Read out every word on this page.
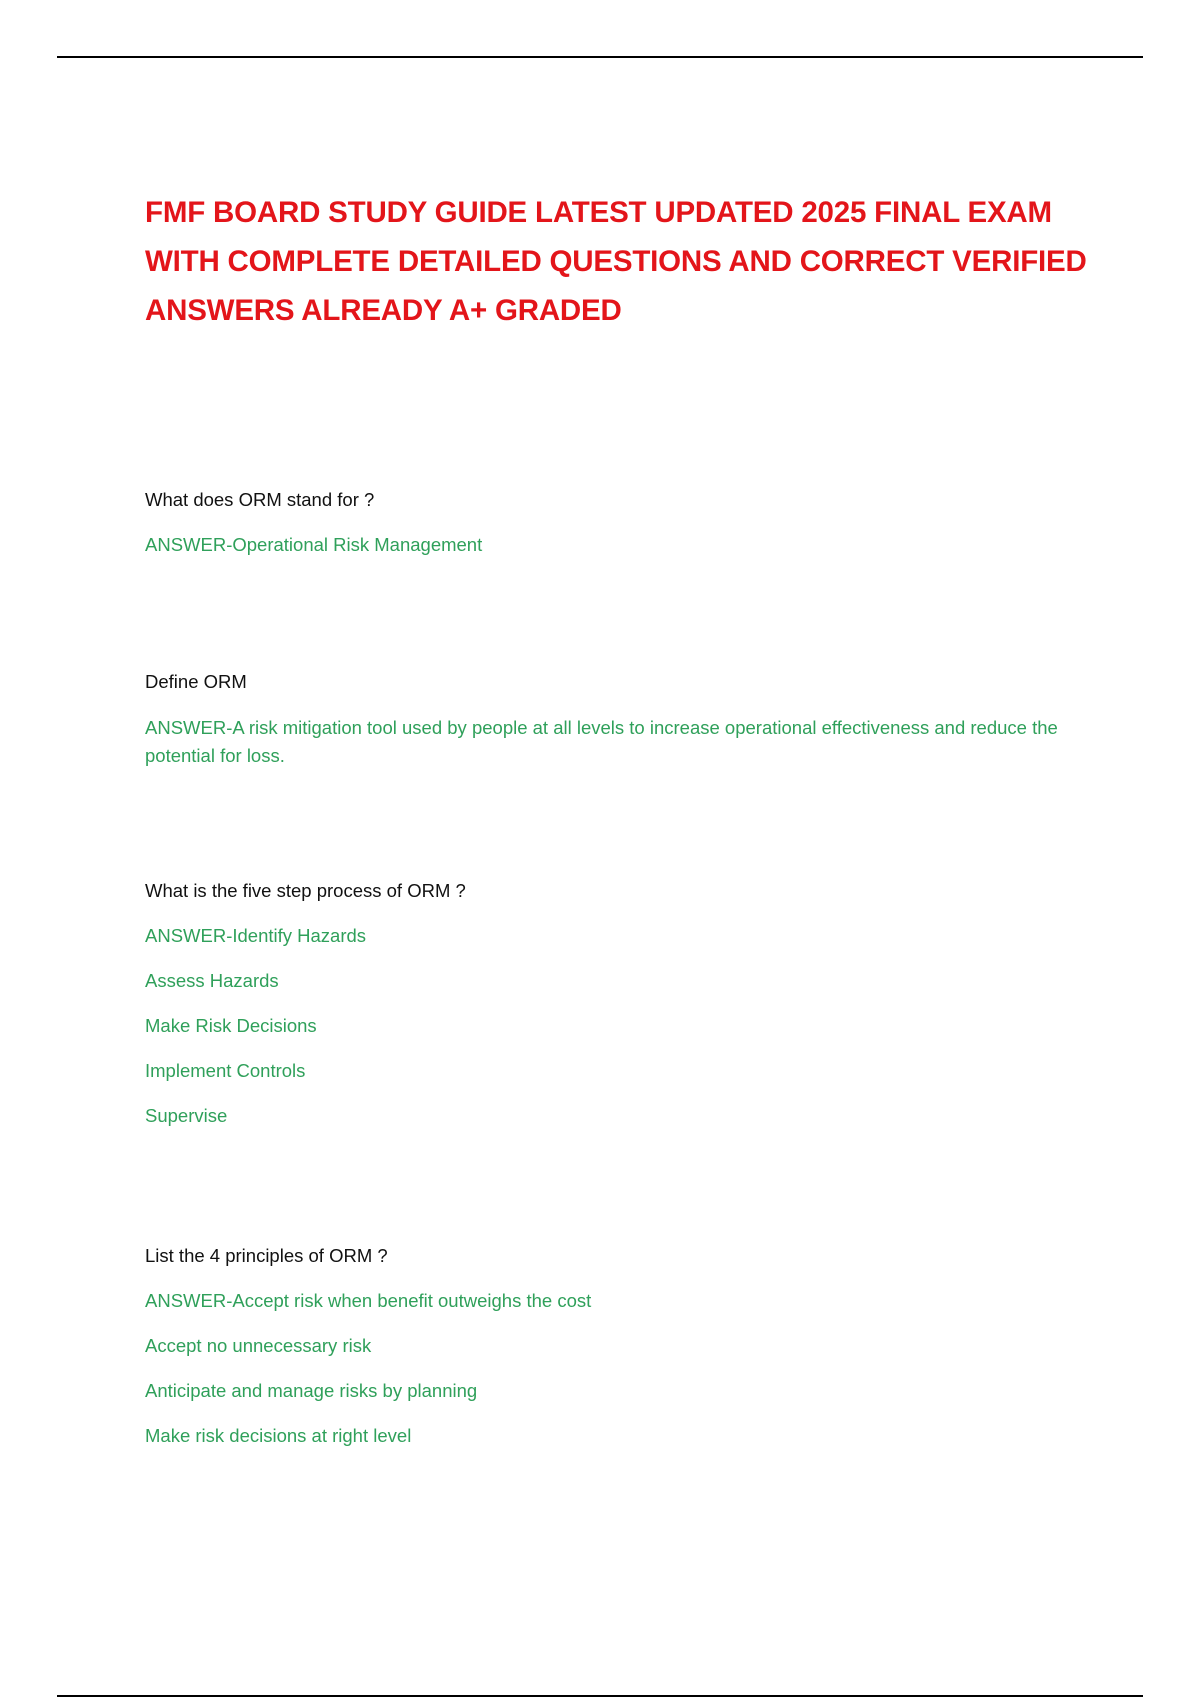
FMF BOARD STUDY GUIDE LATEST UPDATED 2025 FINAL EXAM WITH COMPLETE DETAILED QUESTIONS AND CORRECT VERIFIED ANSWERS ALREADY A+ GRADED

What does ORM stand for ?

ANSWER-Operational Risk Management

Define ORM

ANSWER-A risk mitigation tool used by people at all levels to increase operational effectiveness and reduce the potential for loss.

What is the five step process of ORM ?

ANSWER-Identify Hazards

Assess Hazards

Make Risk Decisions

Implement Controls

Supervise

List the 4 principles of ORM ?

ANSWER-Accept risk when benefit outweighs the cost

Accept no unnecessary risk

Anticipate and manage risks by planning

Make risk decisions at right level
